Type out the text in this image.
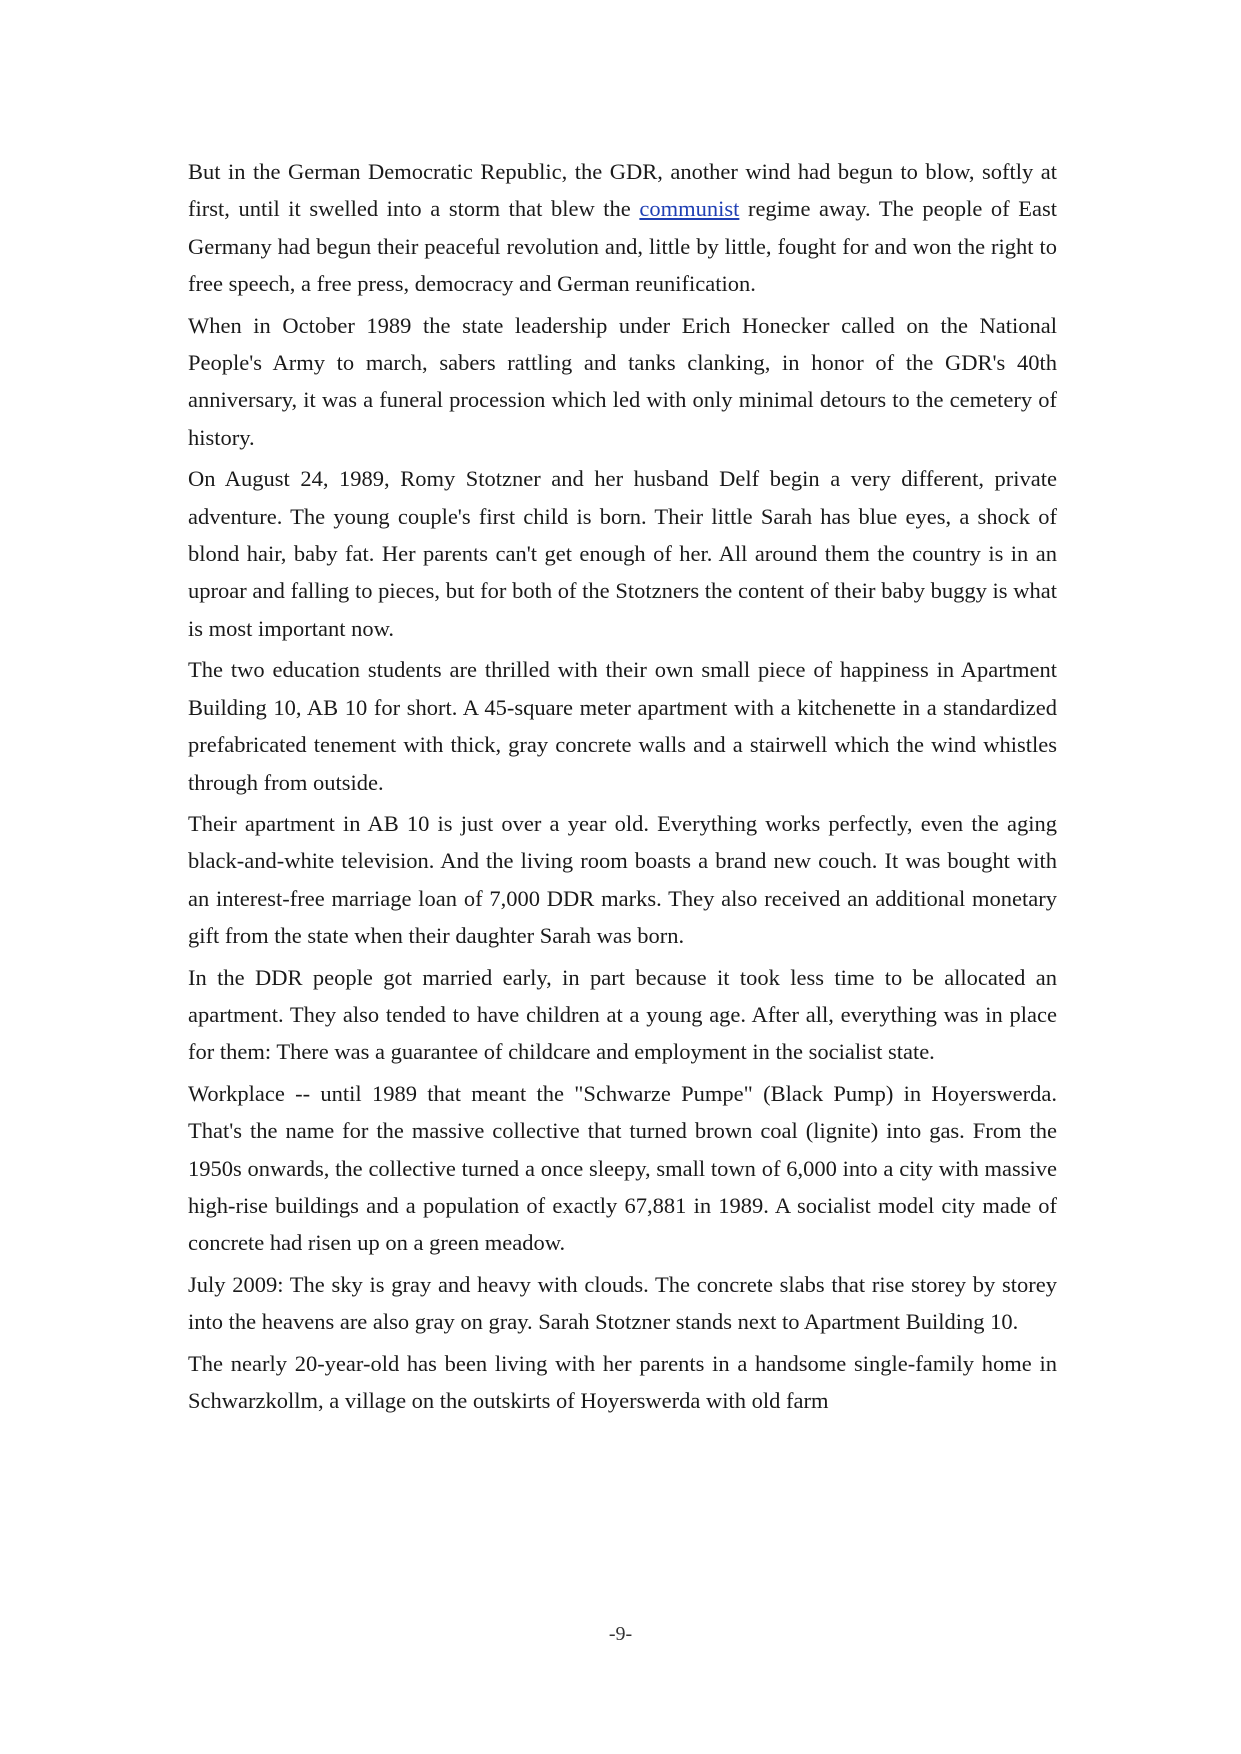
But in the German Democratic Republic, the GDR, another wind had begun to blow, softly at first, until it swelled into a storm that blew the communist regime away. The people of East Germany had begun their peaceful revolution and, little by little, fought for and won the right to free speech, a free press, democracy and German reunification.

When in October 1989 the state leadership under Erich Honecker called on the National People's Army to march, sabers rattling and tanks clanking, in honor of the GDR's 40th anniversary, it was a funeral procession which led with only minimal detours to the cemetery of history.

On August 24, 1989, Romy Stotzner and her husband Delf begin a very different, private adventure. The young couple's first child is born. Their little Sarah has blue eyes, a shock of blond hair, baby fat. Her parents can't get enough of her. All around them the country is in an uproar and falling to pieces, but for both of the Stotzners the content of their baby buggy is what is most important now.

The two education students are thrilled with their own small piece of happiness in Apartment Building 10, AB 10 for short. A 45-square meter apartment with a kitchenette in a standardized prefabricated tenement with thick, gray concrete walls and a stairwell which the wind whistles through from outside.

Their apartment in AB 10 is just over a year old. Everything works perfectly, even the aging black-and-white television. And the living room boasts a brand new couch. It was bought with an interest-free marriage loan of 7,000 DDR marks. They also received an additional monetary gift from the state when their daughter Sarah was born.

In the DDR people got married early, in part because it took less time to be allocated an apartment. They also tended to have children at a young age. After all, everything was in place for them: There was a guarantee of childcare and employment in the socialist state.

Workplace -- until 1989 that meant the "Schwarze Pumpe" (Black Pump) in Hoyerswerda. That's the name for the massive collective that turned brown coal (lignite) into gas. From the 1950s onwards, the collective turned a once sleepy, small town of 6,000 into a city with massive high-rise buildings and a population of exactly 67,881 in 1989. A socialist model city made of concrete had risen up on a green meadow.

July 2009: The sky is gray and heavy with clouds. The concrete slabs that rise storey by storey into the heavens are also gray on gray. Sarah Stotzner stands next to Apartment Building 10.

The nearly 20-year-old has been living with her parents in a handsome single-family home in Schwarzkollm, a village on the outskirts of Hoyerswerda with old farm

-9-
